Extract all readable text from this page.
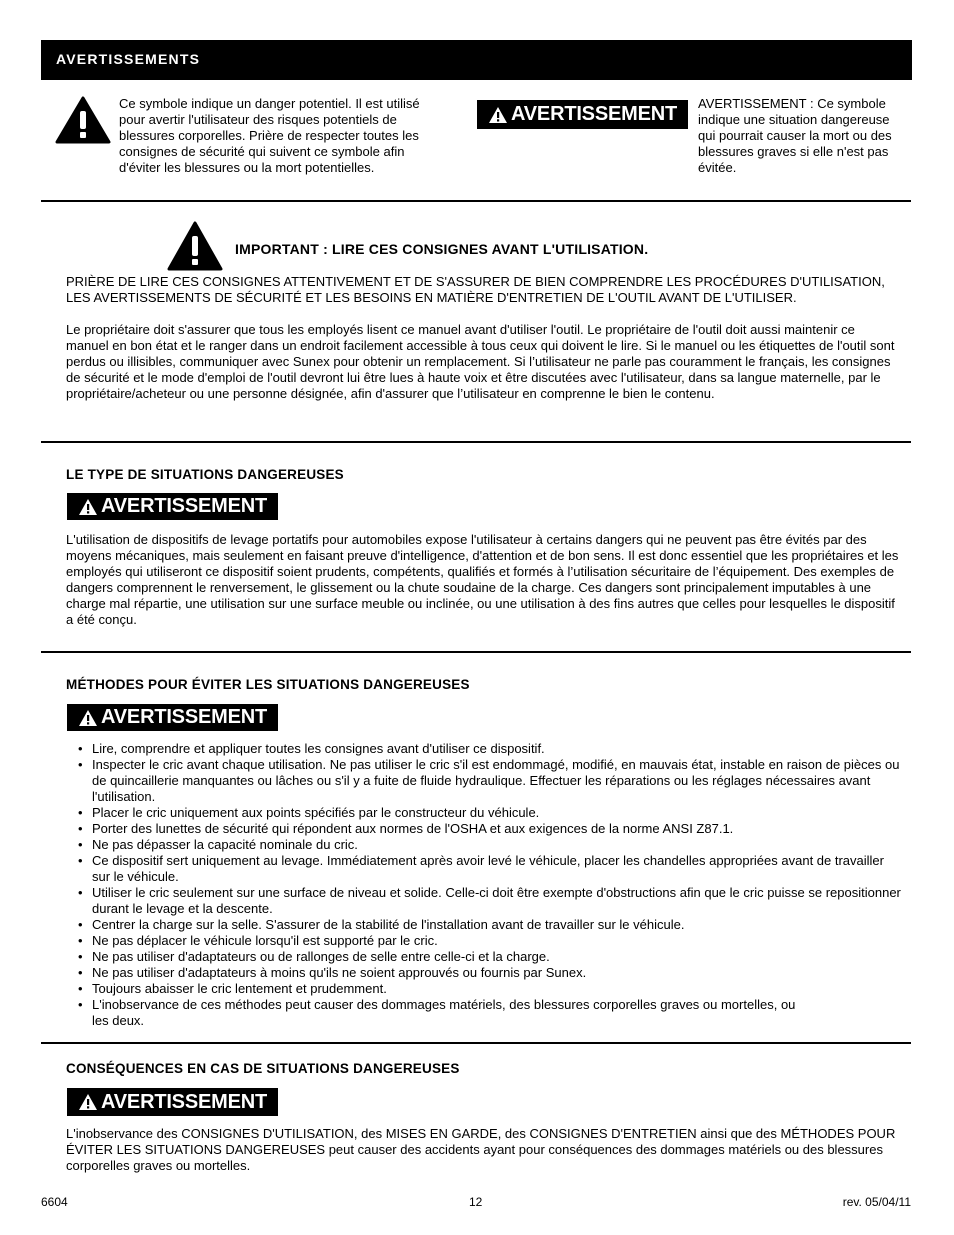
AVERTISSEMENTS

Ce symbole indique un danger potentiel. Il est utilisé pour avertir l'utilisateur des risques potentiels de blessures corporelles. Prière de respecter toutes les consignes de sécurité qui suivent ce symbole afin d'éviter les blessures ou la mort potentielles.

AVERTISSEMENT AVERTISSEMENT : Ce symbole indique une situation dangereuse qui pourrait causer la mort ou des blessures graves si elle n'est pas évitée.

IMPORTANT : LIRE CES CONSIGNES AVANT L'UTILISATION.

PRIÈRE DE LIRE CES CONSIGNES ATTENTIVEMENT ET DE S'ASSURER DE BIEN COMPRENDRE LES PROCÉDURES D'UTILISATION, LES AVERTISSEMENTS DE SÉCURITÉ ET LES BESOINS EN MATIÈRE D'ENTRETIEN DE L'OUTIL AVANT DE L'UTILISER.

Le propriétaire doit s'assurer que tous les employés lisent ce manuel avant d'utiliser l'outil. Le propriétaire de l'outil doit aussi maintenir ce manuel en bon état et le ranger dans un endroit facilement accessible à tous ceux qui doivent le lire. Si le manuel ou les étiquettes de l'outil sont perdus ou illisibles, communiquer avec Sunex pour obtenir un remplacement. Si l’utilisateur ne parle pas couramment le français, les consignes de sécurité et le mode d'emploi de l'outil devront lui être lues à haute voix et être discutées avec l'utilisateur, dans sa langue maternelle, par le propriétaire/acheteur ou une personne désignée, afin d'assurer que l’utilisateur en comprenne le bien le contenu.

LE TYPE DE SITUATIONS DANGEREUSES
AVERTISSEMENT

L'utilisation de dispositifs de levage portatifs pour automobiles expose l'utilisateur à certains dangers qui ne peuvent pas être évités par des moyens mécaniques, mais seulement en faisant preuve d'intelligence, d'attention et de bon sens. Il est donc essentiel que les propriétaires et les employés qui utiliseront ce dispositif soient prudents, compétents, qualifiés et formés à l’utilisation sécuritaire de l’équipement. Des exemples de dangers comprennent le renversement, le glissement ou la chute soudaine de la charge. Ces dangers sont principalement imputables à une charge mal répartie, une utilisation sur une surface meuble ou inclinée, ou une utilisation à des fins autres que celles pour lesquelles le dispositif a été conçu.

MÉTHODES POUR ÉVITER LES SITUATIONS DANGEREUSES
AVERTISSEMENT
• Lire, comprendre et appliquer toutes les consignes avant d'utiliser ce dispositif.
• Inspecter le cric avant chaque utilisation. Ne pas utiliser le cric s'il est endommagé, modifié, en mauvais état, instable en raison de pièces ou de quincaillerie manquantes ou lâches ou s'il y a fuite de fluide hydraulique. Effectuer les réparations ou les réglages nécessaires avant l'utilisation.
• Placer le cric uniquement aux points spécifiés par le constructeur du véhicule.
• Porter des lunettes de sécurité qui répondent aux normes de l'OSHA et aux exigences de la norme ANSI Z87.1.
• Ne pas dépasser la capacité nominale du cric.
• Ce dispositif sert uniquement au levage. Immédiatement après avoir levé le véhicule, placer les chandelles appropriées avant de travailler sur le véhicule.
• Utiliser le cric seulement sur une surface de niveau et solide. Celle-ci doit être exempte d'obstructions afin que le cric puisse se repositionner durant le levage et la descente.
• Centrer la charge sur la selle. S'assurer de la stabilité de l'installation avant de travailler sur le véhicule.
• Ne pas déplacer le véhicule lorsqu'il est supporté par le cric.
• Ne pas utiliser d'adaptateurs ou de rallonges de selle entre celle-ci et la charge.
• Ne pas utiliser d'adaptateurs à moins qu'ils ne soient approuvés ou fournis par Sunex.
• Toujours abaisser le cric lentement et prudemment.
• L'inobservance de ces méthodes peut causer des dommages matériels, des blessures corporelles graves ou mortelles, ou les deux.
CONSÉQUENCES EN CAS DE SITUATIONS DANGEREUSES
AVERTISSEMENT

L'inobservance des CONSIGNES D'UTILISATION, des MISES EN GARDE, des CONSIGNES D'ENTRETIEN ainsi que des MÉTHODES POUR ÉVITER LES SITUATIONS DANGEREUSES peut causer des accidents ayant pour conséquences des dommages matériels ou des blessures corporelles graves ou mortelles.

6604	12	rev. 05/04/11
